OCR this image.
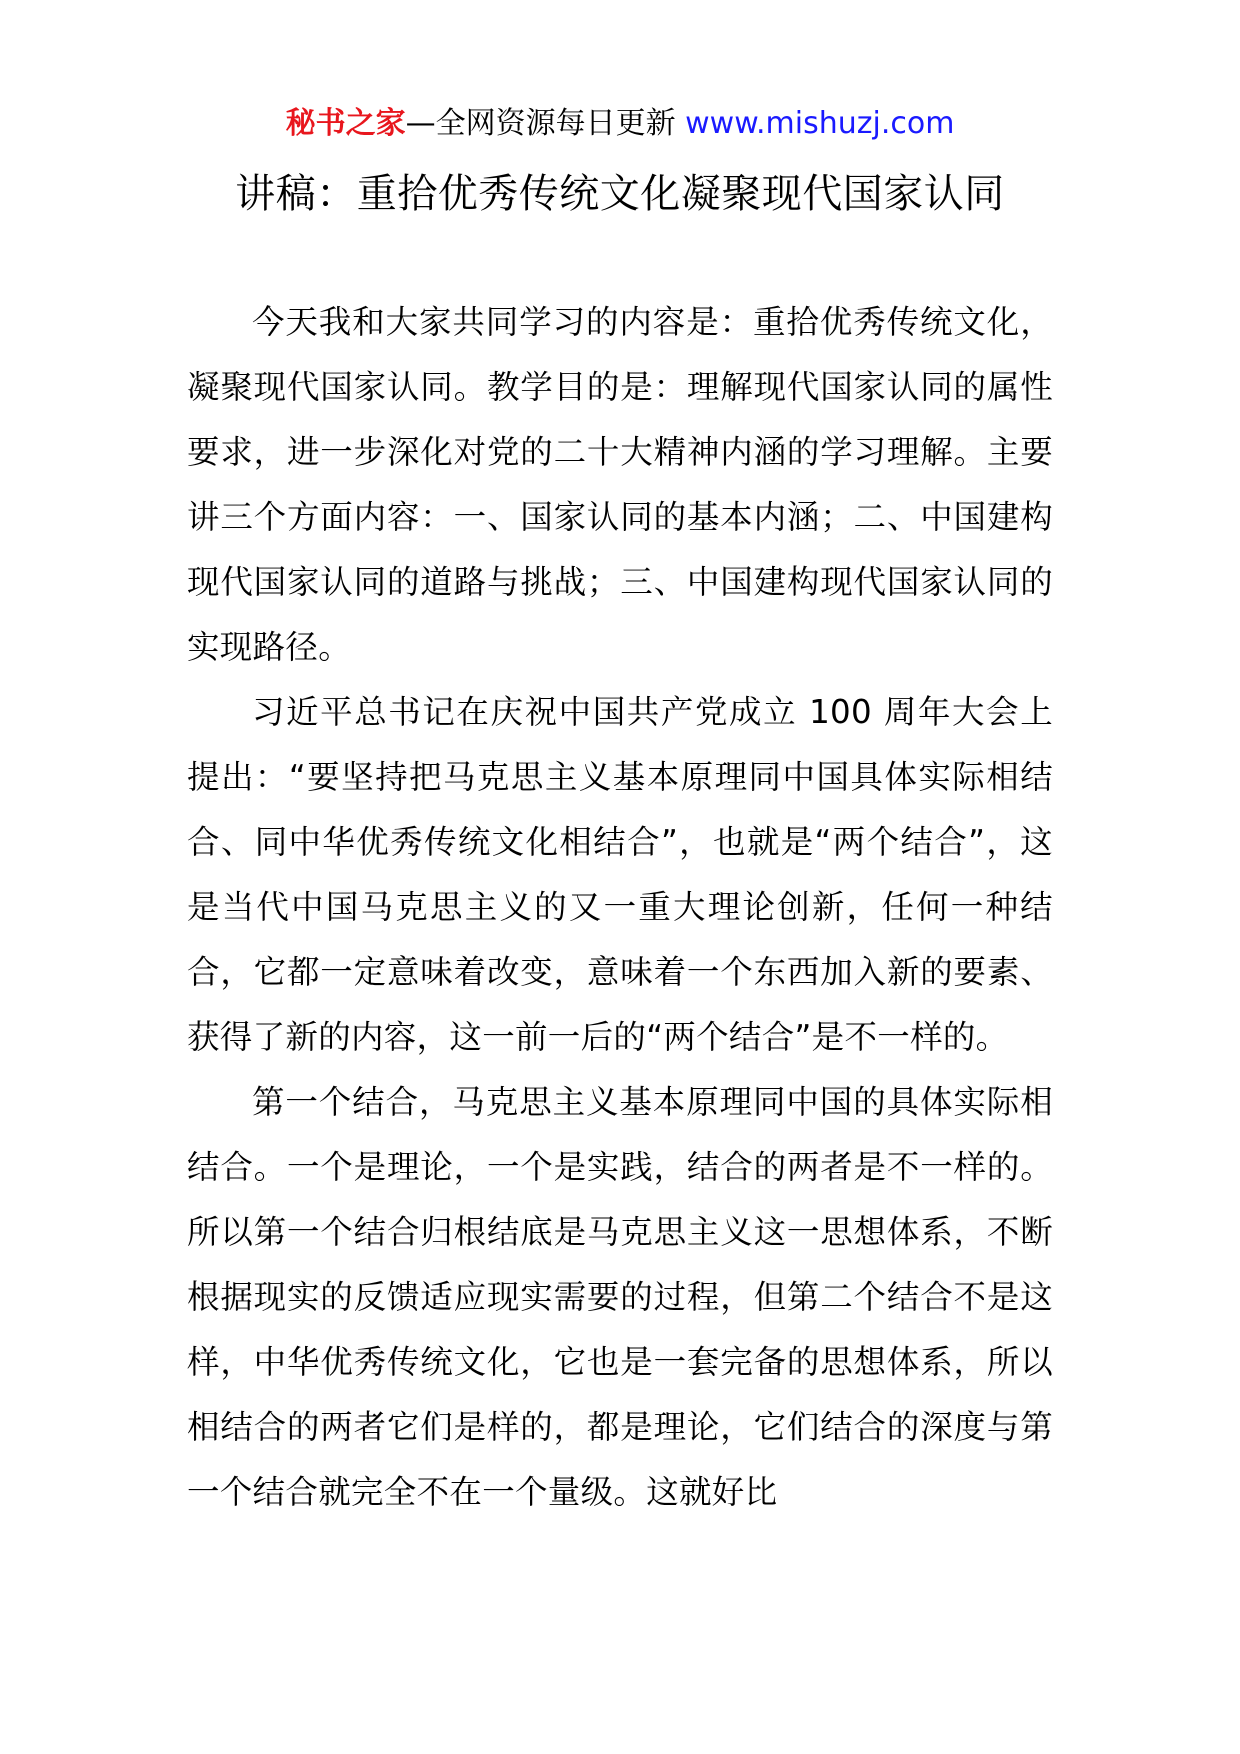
秘书之家—全网资源每日更新 www.mishuzj.com
讲稿：重拾优秀传统文化凝聚现代国家认同

今天我和大家共同学习的内容是：重拾优秀传统文化，凝聚现代国家认同。教学目的是：理解现代国家认同的属性要求，进一步深化对党的二十大精神内涵的学习理解。主要讲三个方面内容：一、国家认同的基本内涵；二、中国建构现代国家认同的道路与挑战；三、中国建构现代国家认同的实现路径。

习近平总书记在庆祝中国共产党成立 100 周年大会上提出：“要坚持把马克思主义基本原理同中国具体实际相结合、同中华优秀传统文化相结合”，也就是“两个结合”，这是当代中国马克思主义的又一重大理论创新，任何一种结合，它都一定意味着改变，意味着一个东西加入新的要素、获得了新的内容，这一前一后的“两个结合”是不一样的。

第一个结合，马克思主义基本原理同中国的具体实际相结合。一个是理论，一个是实践，结合的两者是不一样的。所以第一个结合归根结底是马克思主义这一思想体系，不断根据现实的反馈适应现实需要的过程，但第二个结合不是这样，中华优秀传统文化，它也是一套完备的思想体系，所以相结合的两者它们是样的，都是理论，它们结合的深度与第一个结合就完全不在一个量级。这就好比
